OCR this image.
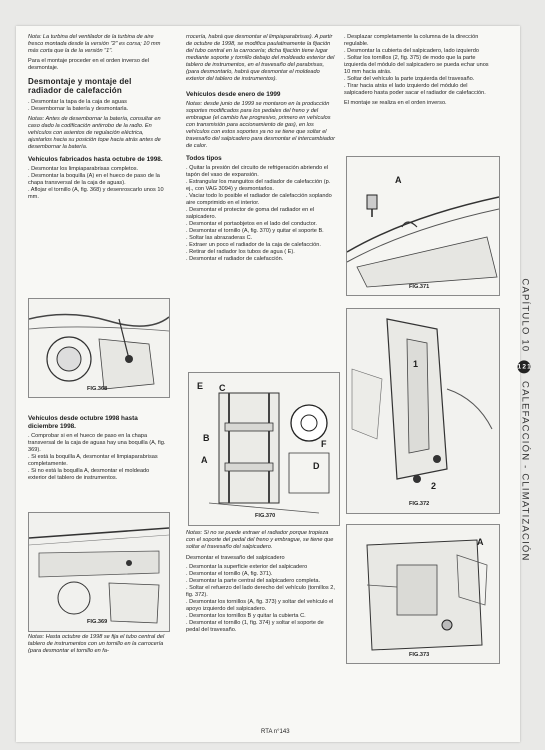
Nota: La turbina del ventilador de la turbina de aire fresco montada desde la versión "2" es corsa; 10 mm más corta que la de la versión "1".

Para el montaje proceder en el orden inverso del desmontaje.

Desmontaje y montaje del radiador de calefacción

. Desmontar la tapa de la caja de aguas

. Desembornar la batería y desmontarla.

Notas: Antes de desembornar la batería, consultar en caso dado la codificación antirrobo de la radio. En vehículos con asientos de regulación eléctrica, ajustarlos hacia su posición tope hacia atrás antes de desembornar la batería.

Vehículos fabricados hasta octubre de 1998.

. Desmontar los limpiaparabrisas completos.

. Desmontar la boquilla (A) en el hueco de paso de la chapa transversal de la caja de aguas).

. Aflojar el tornillo (A, fig. 368) y desenroscarlo unos 10 mm.

FIG.368
Vehículos desde octubre 1998 hasta diciembre 1998.

. Comprobar si en el hueco de paso en la chapa transversal de la caja de aguas hay una boquilla (A, fig. 369).

. Si está la boquilla A, desmontar el limpiaparabrisas completamente.

. Si no está la boquilla A, desmontar el moldeado exterior del tablero de instrumentos.

FIG.369

Notas: Hasta octubre de 1998 se fija el tubo central del tablero de instrumentos con un tornillo en la carrocería (para desmontar el tornillo en fa-

rrocería, habrá que desmontar el limpiaparabrisas). A partir de octubre de 1998, se modifica paulatinamente la fijación del tubo central en la carrocería; dicha fijación tiene lugar mediante soporte y tornillo debajo del moldeado exterior del tablero de instrumentos, en el travesaño del parabrisas, (para desmontarlo, habrá que desmontar el moldeado exterior del tablero de instrumentos).

Vehículos desde enero de 1999

Notas: desde junio de 1999 se montaron en la producción soportes modificados para los pedales del freno y del embrague (el cambio fue progresivo, primero en vehículos con transmisión para accionamiento de gas), en los vehículos con estos soportes ya no se tiene que soltar el travesaño del salpicadero para desmontar el intercambiador de calor.

Todos tipos

. Quitar la presión del circuito de refrigeración abriendo el tapón del vaso de expansión.

. Estrangular los manguitos del radiador de calefacción (p. ej., con VAG 3094) y desmontarlos.

. Vaciar todo lo posible el radiador de calefacción soplando aire comprimido en el interior.

. Desmontar el protector de goma del radiador en el salpicadero.

. Desmontar el portaobjetos en el lado del conductor.

. Desmontar el tornillo (A, fig. 370) y quitar el soporte B.

. Soltar las abrazaderas C.

. Extraer un poco el radiador de la caja de calefacción.

. Retirar del radiador los tubos de agua ( E).

. Desmontar el radiador de calefacción.

E C
B
A
D
F
FIG.370

Notas: Si no se puede extraer el radiador porque tropieza con el soporte del pedal del freno y embrague, se tiene que soltar el travesaño del salpicadero.

Desmontar el travesaño del salpicadero

. Desmontar la superficie exterior del salpicadero

. Desmontar el tornillo (A, fig. 371).

. Desmontar la parte central del salpicadero completa.

. Soltar el refuerzo del lado derecho del vehículo (tornillos 2, fig. 372).

. Desmontar los tornillos (A, fig. 373) y soltar del vehículo el apoyo izquierdo del salpicadero.

. Desmontar los tornillos B y quitar la cubierta C.

. Desmontar el tornillo (1, fig. 374) y soltar el soporte de pedal del travesaño.

. Desplazar completamente la columna de la dirección regulable.

. Desmontar la cubierta del salpicadero, lado izquierdo

. Soltar los tornillos (2, fig. 375) de modo que la parte izquierda del módulo del salpicadero se pueda echar unos 10 mm hacia atrás.

. Soltar del vehículo la parte izquierda del travesaño.

. Tirar hacia atrás el lado izquierdo del módulo del salpicadero hasta poder sacar el radiador de calefacción.

El montaje se realiza en el orden inverso.

A
FIG.371
1
2
FIG.372
A
FIG.373
RTA n°143
CAPÍTULO 10 121 CALEFACCIÓN - CLIMATIZACIÓN
